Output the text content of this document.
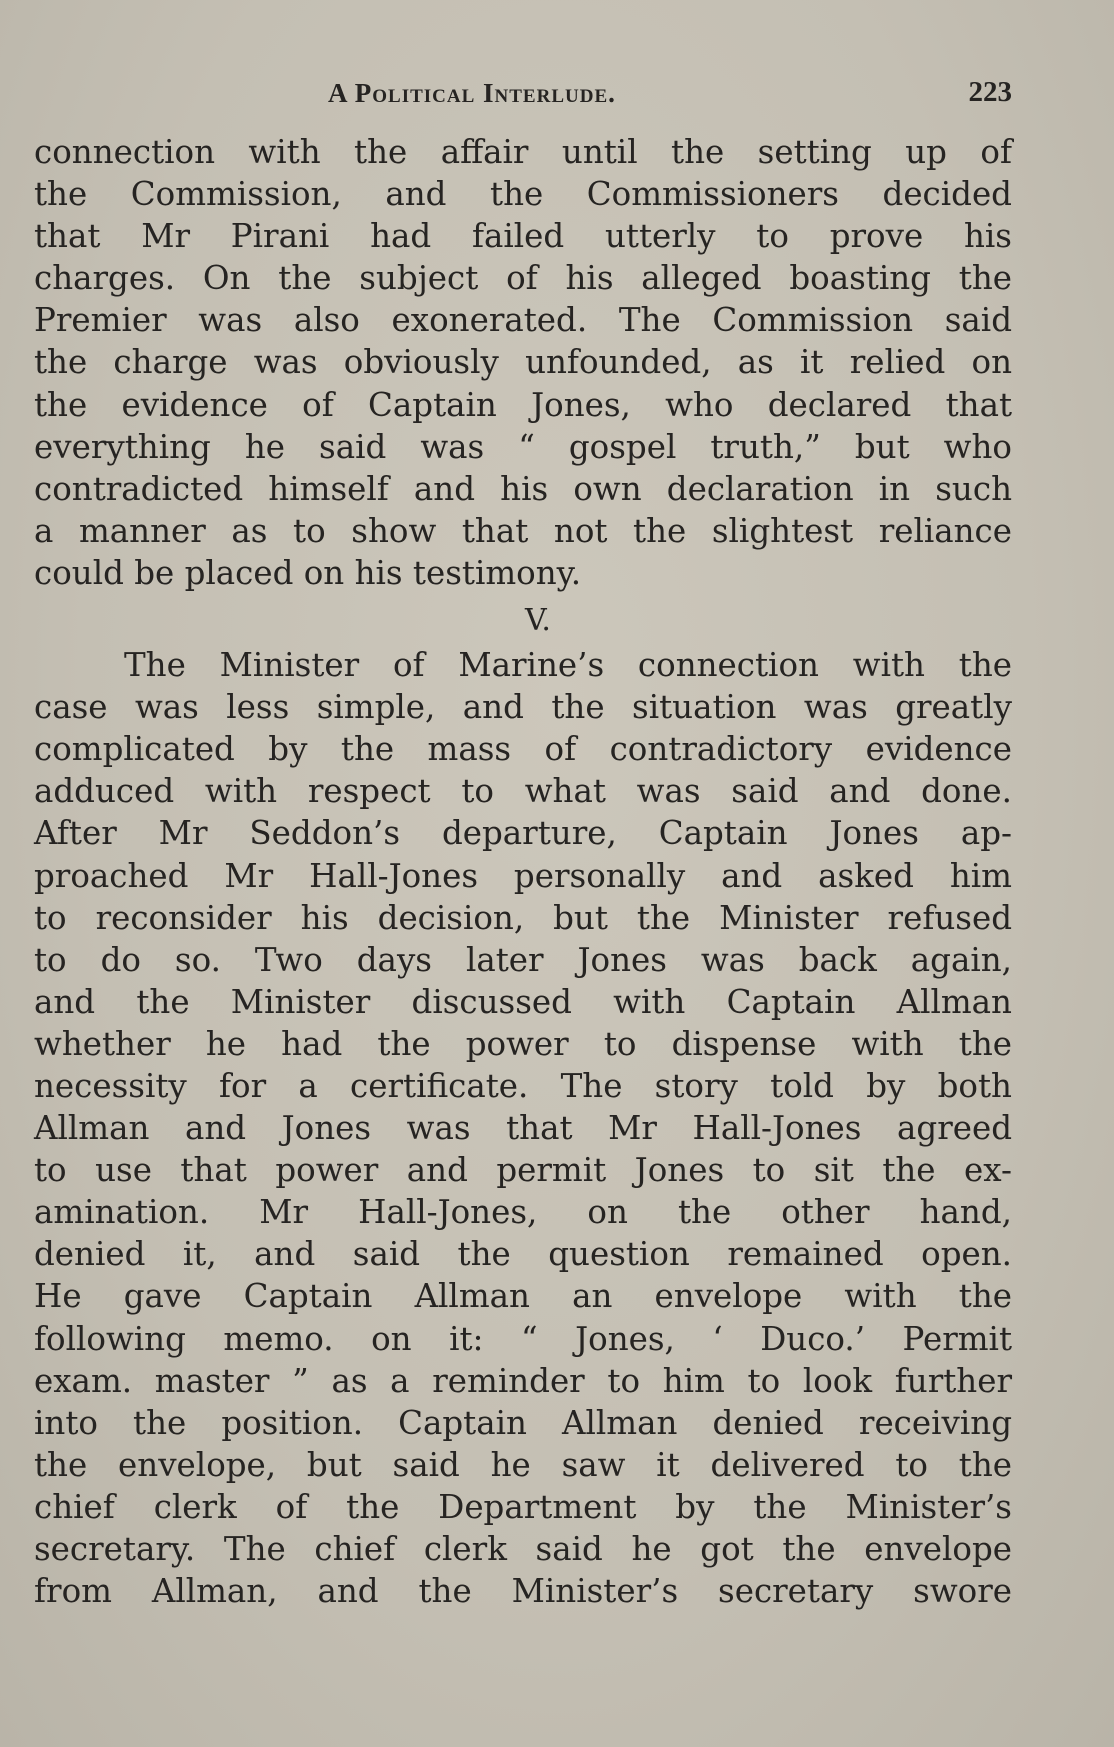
A Political Interlude.	223
connection with the affair until the setting up of
the Commission, and the Commissioners decided
that Mr Pirani had failed utterly to prove his
charges. On the subject of his alleged boasting the
Premier was also exonerated. The Commission said
the charge was obviously unfounded, as it relied on
the evidence of Captain Jones, who declared that
everything he said was “ gospel truth,” but who
contradicted himself and his own declaration in such
a manner as to show that not the slightest reliance
could be placed on his testimony.
V.
The Minister of Marine’s connection with the
case was less simple, and the situation was greatly
complicated by the mass of contradictory evidence
adduced with respect to what was said and done.
After Mr Seddon’s departure, Captain Jones ap-
proached Mr Hall-Jones personally and asked him
to reconsider his decision, but the Minister refused
to do so. Two days later Jones was back again,
and the Minister discussed with Captain Allman
whether he had the power to dispense with the
necessity for a certificate. The story told by both
Allman and Jones was that Mr Hall-Jones agreed
to use that power and permit Jones to sit the ex-
amination. Mr Hall-Jones, on the other hand,
denied it, and said the question remained open.
He gave Captain Allman an envelope with the
following memo. on it: “ Jones, ‘ Duco.’ Permit
exam. master ” as a reminder to him to look further
into the position. Captain Allman denied receiving
the envelope, but said he saw it delivered to the
chief clerk of the Department by the Minister’s
secretary. The chief clerk said he got the envelope
from Allman, and the Minister’s secretary swore
